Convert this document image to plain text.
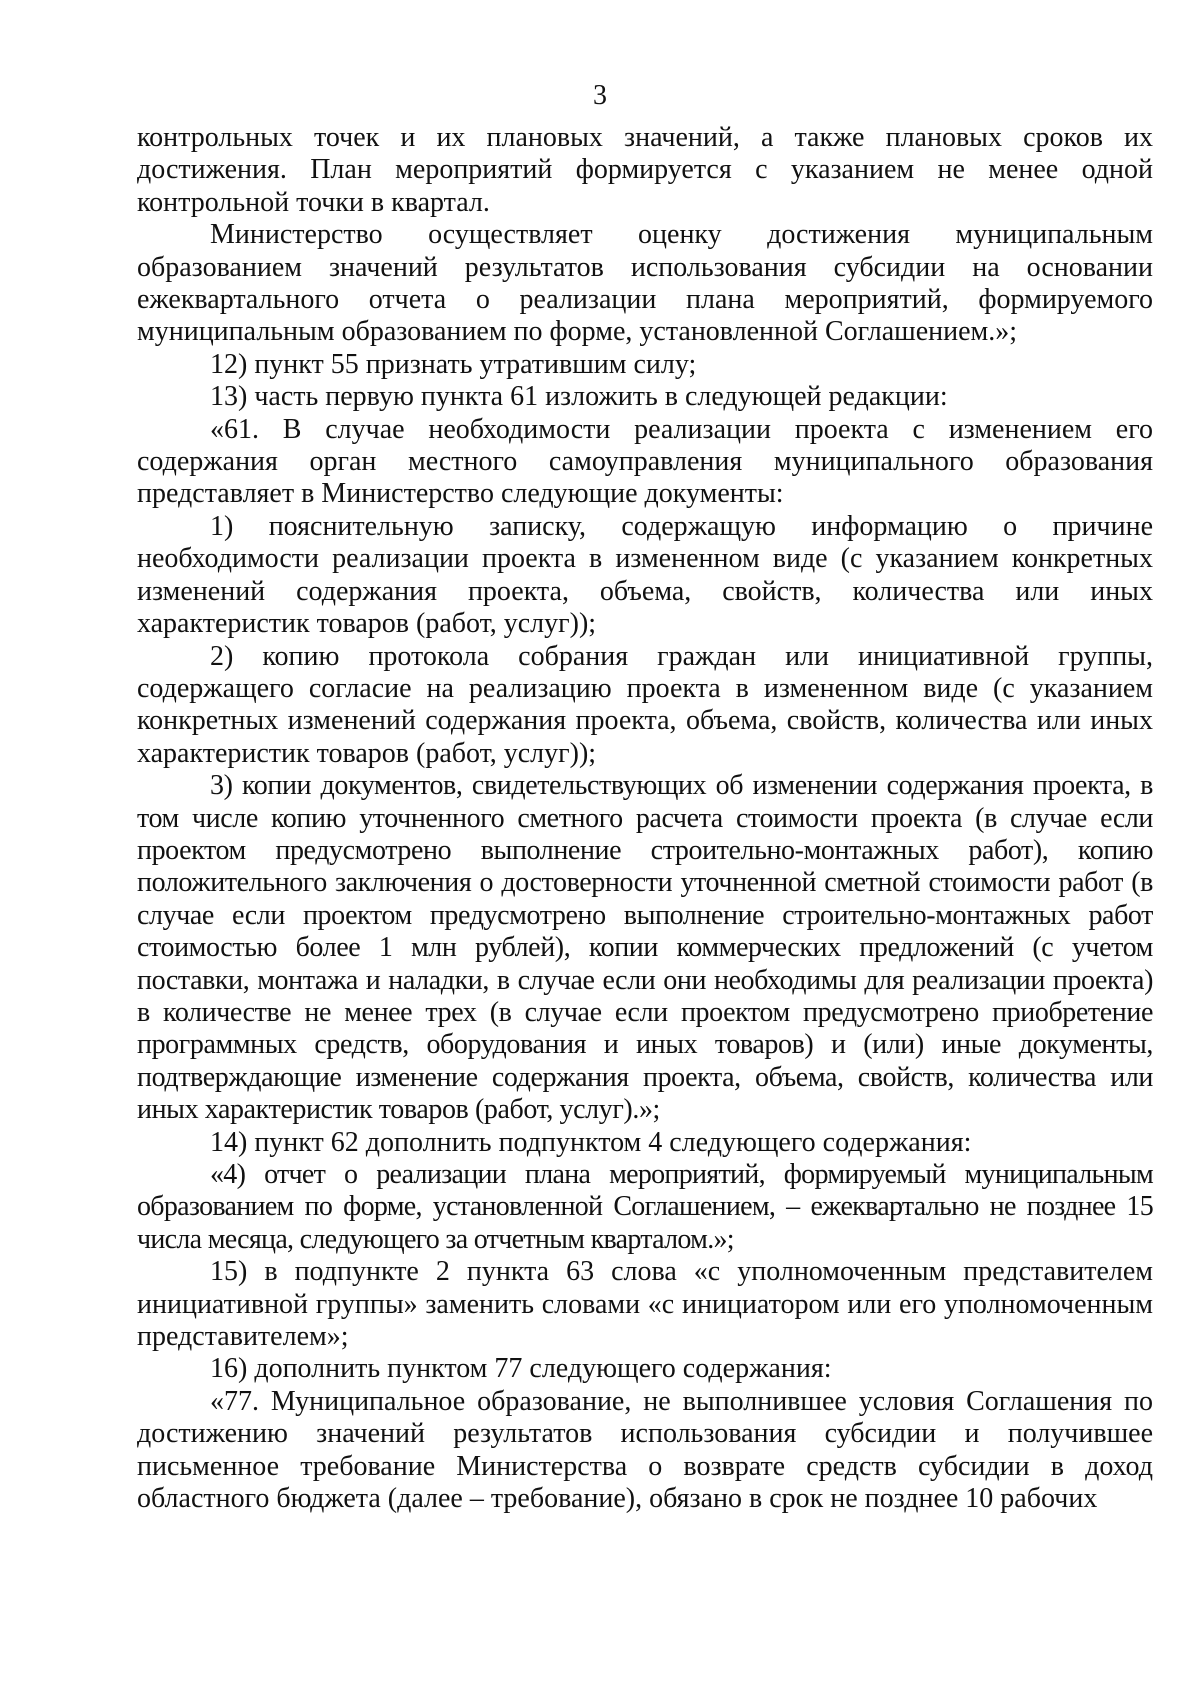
3

контрольных точек и их плановых значений, а также плановых сроков их достижения. План мероприятий формируется с указанием не менее одной контрольной точки в квартал.

Министерство осуществляет оценку достижения муниципальным образованием значений результатов использования субсидии на основании ежеквартального отчета о реализации плана мероприятий, формируемого муниципальным образованием по форме, установленной Соглашением.»;

12) пункт 55 признать утратившим силу;

13) часть первую пункта 61 изложить в следующей редакции:

«61. В случае необходимости реализации проекта с изменением его содержания орган местного самоуправления муниципального образования представляет в Министерство следующие документы:

1) пояснительную записку, содержащую информацию о причине необходимости реализации проекта в измененном виде (с указанием конкретных изменений содержания проекта, объема, свойств, количества или иных характеристик товаров (работ, услуг));

2) копию протокола собрания граждан или инициативной группы, содержащего согласие на реализацию проекта в измененном виде (с указанием конкретных изменений содержания проекта, объема, свойств, количества или иных характеристик товаров (работ, услуг));

3) копии документов, свидетельствующих об изменении содержания проекта, в том числе копию уточненного сметного расчета стоимости проекта (в случае если проектом предусмотрено выполнение строительно-монтажных работ), копию положительного заключения о достоверности уточненной сметной стоимости работ (в случае если проектом предусмотрено выполнение строительно-монтажных работ стоимостью более 1 млн рублей), копии коммерческих предложений (с учетом поставки, монтажа и наладки, в случае если они необходимы для реализации проекта) в количестве не менее трех (в случае если проектом предусмотрено приобретение программных средств, оборудования и иных товаров) и (или) иные документы, подтверждающие изменение содержания проекта, объема, свойств, количества или иных характеристик товаров (работ, услуг).»;

14) пункт 62 дополнить подпунктом 4 следующего содержания:

«4) отчет о реализации плана мероприятий, формируемый муниципальным образованием по форме, установленной Соглашением, – ежеквартально не позднее 15 числа месяца, следующего за отчетным кварталом.»;

15) в подпункте 2 пункта 63 слова «с уполномоченным представителем инициативной группы» заменить словами «с инициатором или его уполномоченным представителем»;

16) дополнить пунктом 77 следующего содержания:

«77. Муниципальное образование, не выполнившее условия Соглашения по достижению значений результатов использования субсидии и получившее письменное требование Министерства о возврате средств субсидии в доход областного бюджета (далее – требование), обязано в срок не позднее 10 рабочих
